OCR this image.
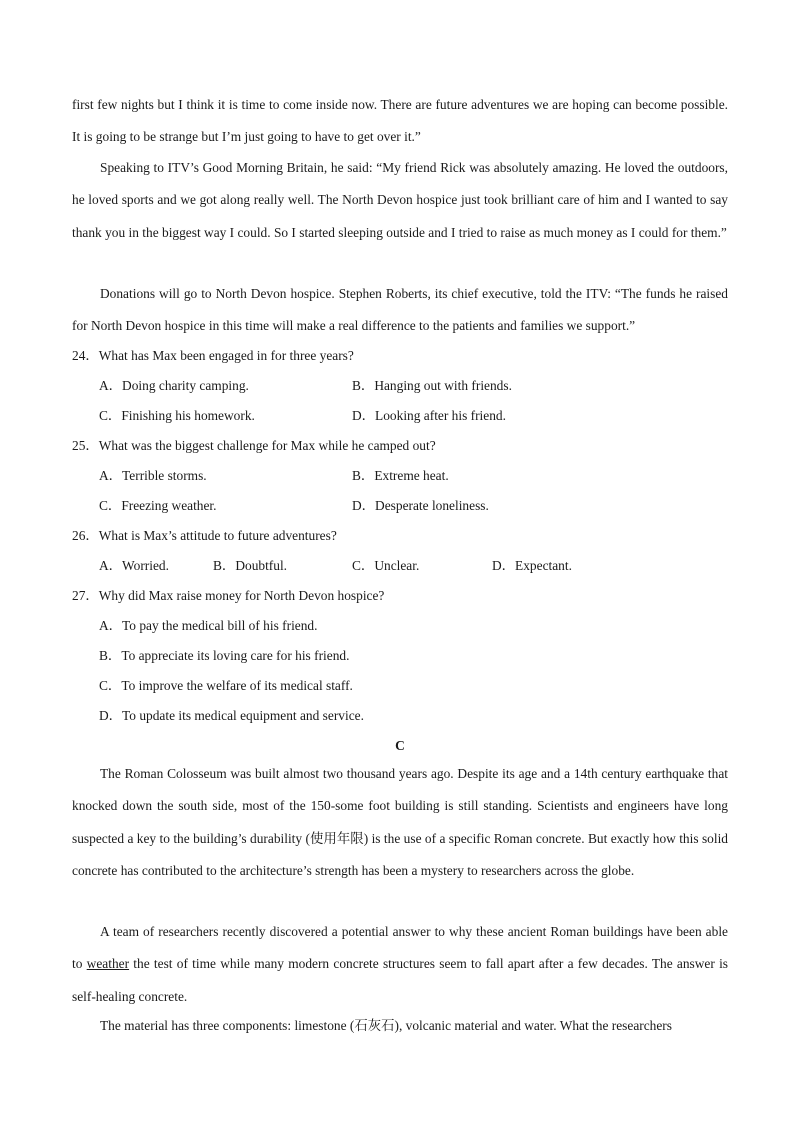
first few nights but I think it is time to come inside now. There are future adventures we are hoping can become possible. It is going to be strange but I’m just going to have to get over it.”

Speaking to ITV’s Good Morning Britain, he said: “My friend Rick was absolutely amazing. He loved the outdoors, he loved sports and we got along really well. The North Devon hospice just took brilliant care of him and I wanted to say thank you in the biggest way I could. So I started sleeping outside and I tried to raise as much money as I could for them.”

Donations will go to North Devon hospice. Stephen Roberts, its chief executive, told the ITV: “The funds he raised for North Devon hospice in this time will make a real difference to the patients and families we support.”

24．What has Max been engaged in for three years?
A．Doing charity camping.	B．Hanging out with friends.
C．Finishing his homework.	D．Looking after his friend.
25．What was the biggest challenge for Max while he camped out?
A．Terrible storms.	B．Extreme heat.
C．Freezing weather.	D．Desperate loneliness.
26．What is Max’s attitude to future adventures?
A．Worried.	B．Doubtful.	C．Unclear.	D．Expectant.
27．Why did Max raise money for North Devon hospice?
A．To pay the medical bill of his friend.
B．To appreciate its loving care for his friend.
C．To improve the welfare of its medical staff.
D．To update its medical equipment and service.
C

The Roman Colosseum was built almost two thousand years ago. Despite its age and a 14th century earthquake that knocked down the south side, most of the 150-some foot building is still standing. Scientists and engineers have long suspected a key to the building’s durability (使用年限) is the use of a specific Roman concrete. But exactly how this solid concrete has contributed to the architecture’s strength has been a mystery to researchers across the globe.

A team of researchers recently discovered a potential answer to why these ancient Roman buildings have been able to weather the test of time while many modern concrete structures seem to fall apart after a few decades. The answer is self-healing concrete.

The material has three components: limestone (石灰石), volcanic material and water. What the researchers
